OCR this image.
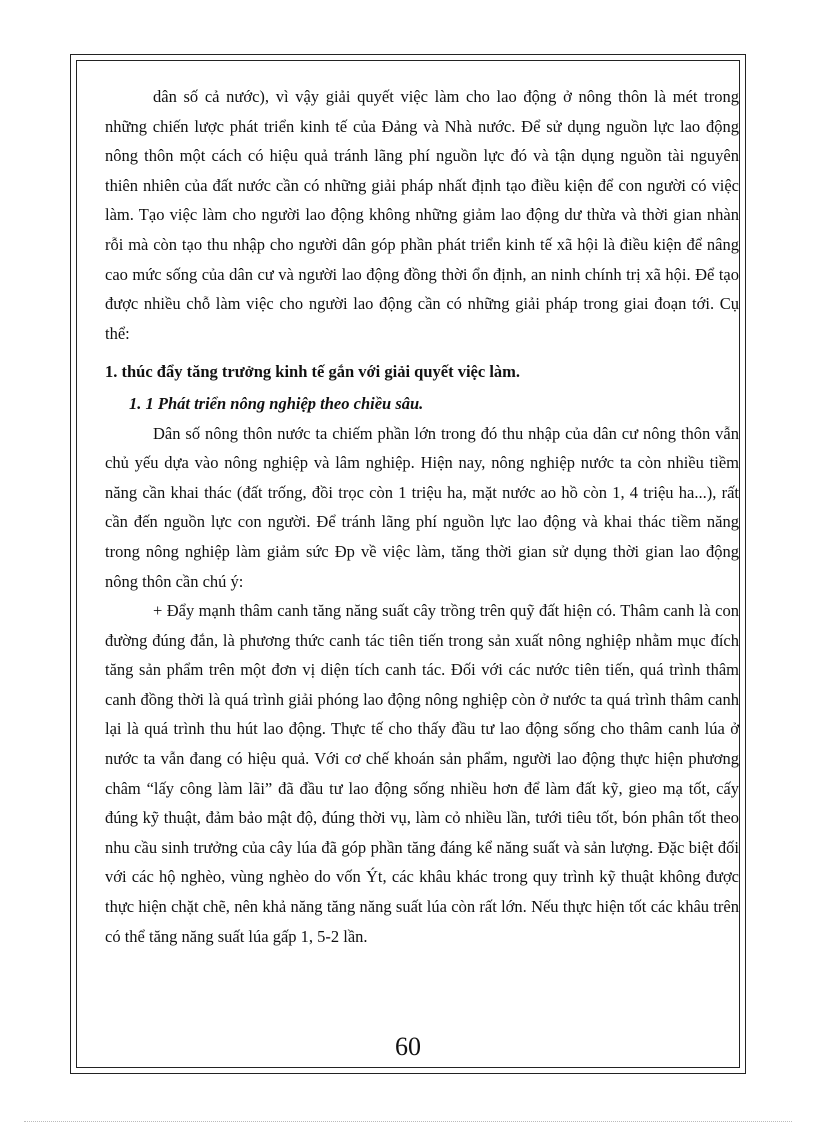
dân số cả nước), vì vậy giải quyết việc làm cho lao động ở nông thôn là mét trong những chiến lược phát triển kinh tế của Đảng và Nhà nước. Để sử dụng nguồn lực lao động nông thôn một cách có hiệu quả tránh lãng phí nguồn lực đó và tận dụng nguồn tài nguyên thiên nhiên của đất nước cần có những giải pháp nhất định tạo điều kiện để con người có việc làm. Tạo việc làm cho người lao động không những giảm lao động dư thừa và thời gian nhàn rỗi mà còn tạo thu nhập cho người dân góp phần phát triển kinh tế xã hội là điều kiện để nâng cao mức sống của dân cư và người lao động đồng thời ổn định, an ninh chính trị xã hội. Để tạo được nhiều chỗ làm việc cho người lao động cần có những giải pháp trong giai đoạn tới. Cụ thể:

1. thúc đẩy tăng trưởng kinh tế gắn với giải quyết việc làm.

1. 1 Phát triển nông nghiệp theo chiều sâu.

Dân số nông thôn nước ta chiếm phần lớn trong đó thu nhập của dân cư nông thôn vẫn chủ yếu dựa vào nông nghiệp và lâm nghiệp. Hiện nay, nông nghiệp nước ta còn nhiều tiềm năng cần khai thác (đất trống, đồi trọc còn 1 triệu ha, mặt nước ao hồ còn 1, 4 triệu ha...), rất cần đến nguồn lực con người. Để tránh lãng phí nguồn lực lao động và khai thác tiềm năng trong nông nghiệp làm giảm sức Ðp về việc làm, tăng thời gian sử dụng thời gian lao động nông thôn cần chú ý:

+ Đẩy mạnh thâm canh tăng năng suất cây trồng trên quỹ đất hiện có. Thâm canh là con đường đúng đắn, là phương thức canh tác tiên tiến trong sản xuất nông nghiệp nhằm mục đích tăng sản phẩm trên một đơn vị diện tích canh tác. Đối với các nước tiên tiến, quá trình thâm canh đồng thời là quá trình giải phóng lao động nông nghiệp còn ở nước ta quá trình thâm canh lại là quá trình thu hút lao động. Thực tế cho thấy đầu tư lao động sống cho thâm canh lúa ở nước ta vẫn đang có hiệu quả. Với cơ chế khoán sản phẩm, người lao động thực hiện phương châm “lấy công làm lãi” đã đầu tư lao động sống nhiều hơn để làm đất kỹ, gieo mạ tốt, cấy đúng kỹ thuật, đảm bảo mật độ, đúng thời vụ, làm cỏ nhiều lần, tưới tiêu tốt, bón phân tốt theo nhu cầu sinh trưởng của cây lúa đã góp phần tăng đáng kể năng suất và sản lượng. Đặc biệt đối với các hộ nghèo, vùng nghèo do vốn Ýt, các khâu khác trong quy trình kỹ thuật không được thực hiện chặt chẽ, nên khả năng tăng năng suất lúa còn rất lớn. Nếu thực hiện tốt các khâu trên có thể tăng năng suất lúa gấp 1, 5-2 lần.

60
